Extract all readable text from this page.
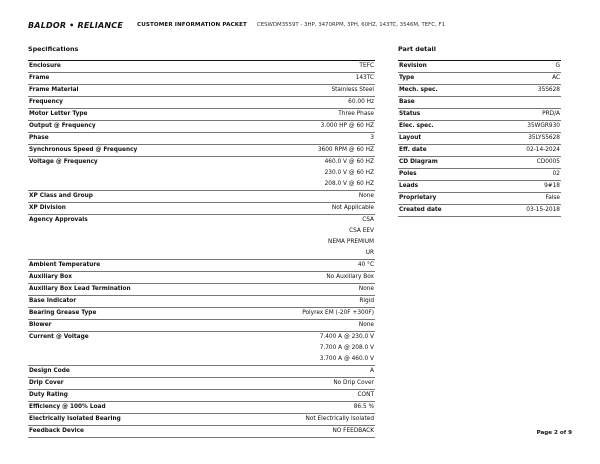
BALDOR • RELIANCE	CUSTOMER INFORMATION PACKET CESWDM3559T - 3HP, 3470RPM, 3PH, 60HZ, 143TC, 3546M, TEFC, F1
Specifications	Part detail
Enclosure	TEFC
Frame	143TC
Frame Material	Stainless Steel
Frequency	60.00 Hz
Motor Letter Type	Three Phase
Output @ Frequency	3.000 HP @ 60 HZ
Phase	3
Synchronous Speed @ Frequency	3600 RPM @ 60 HZ
Voltage @ Frequency	460.0 V @ 60 HZ
	230.0 V @ 60 HZ
	208.0 V @ 60 HZ
XP Class and Group	None
XP Division	Not Applicable
Agency Approvals	CSA
	CSA EEV
	NEMA PREMIUM
	UR
Ambient Temperature	40 °C
Auxillary Box	No Auxillary Box
Auxillary Box Lead Termination	None
Base Indicator	Rigid
Bearing Grease Type	Polyrex EM (-20F +300F)
Blower	None
Current @ Voltage	7.400 A @ 230.0 V
	7.700 A @ 208.0 V
	3.700 A @ 460.0 V
Design Code	A
Drip Cover	No Drip Cover
Duty Rating	CONT
Efficiency @ 100% Load	86.5 %
Electrically Isolated Bearing	Not Electrically Isolated
Feedback Device	NO FEEDBACK
Revision	G
Type	AC
Mech. spec.	35S628
Base	
Status	PRD/A
Elec. spec.	35WGR930
Layout	35LYS5628
Eff. date	02-14-2024
CD Diagram	CD0005
Poles	02
Leads	9#18
Proprietary	False
Created date	03-15-2018
Page 2 of 9
